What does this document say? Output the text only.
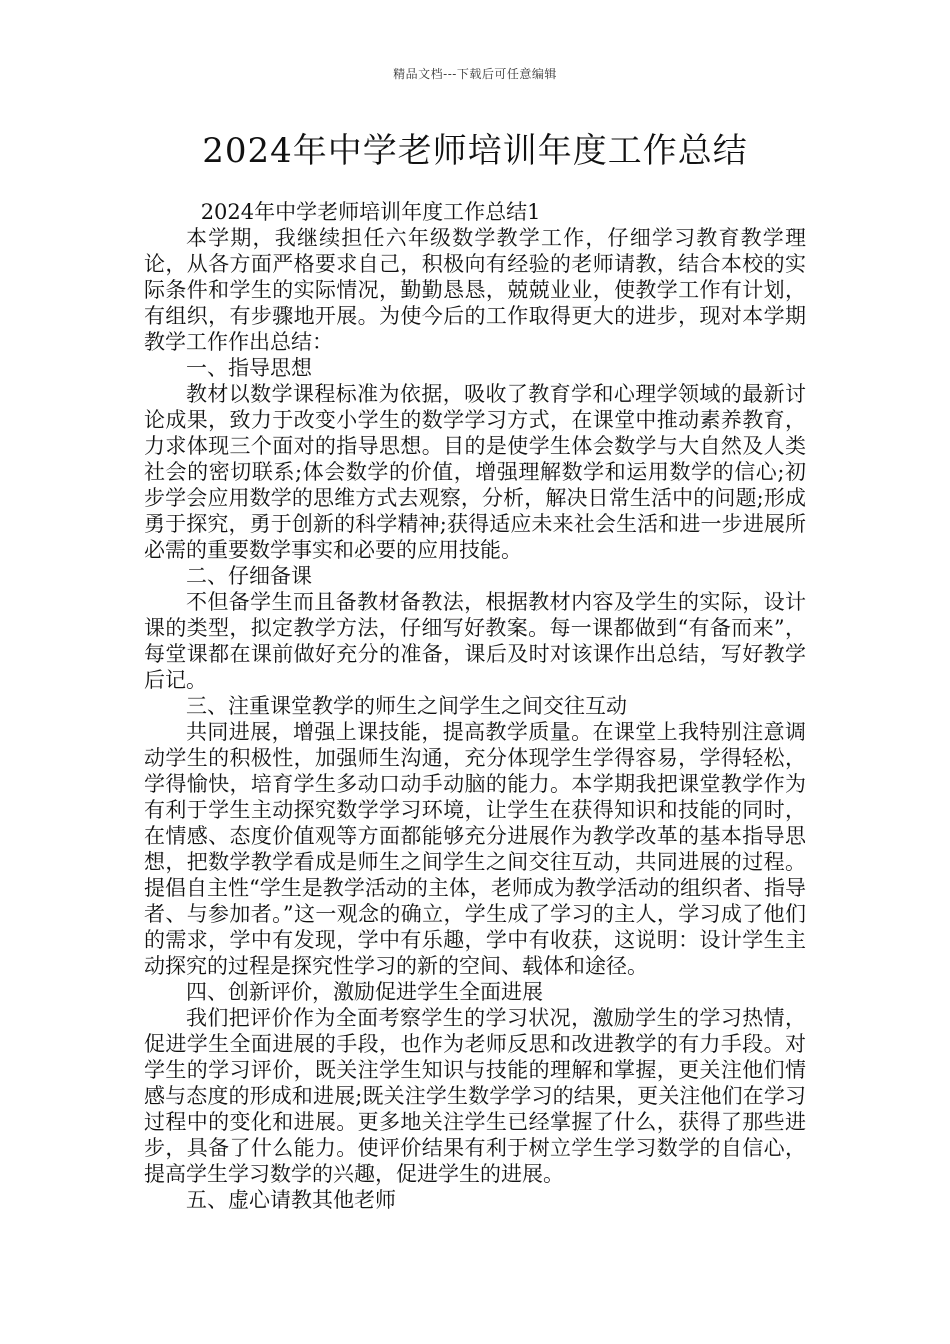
精品文档---下载后可任意编辑
2024年中学老师培训年度工作总结

2024年中学老师培训年度工作总结1

本学期，我继续担任六年级数学教学工作，仔细学习教育教学理论，从各方面严格要求自己，积极向有经验的老师请教，结合本校的实际条件和学生的实际情况，勤勤恳恳，兢兢业业，使教学工作有计划，有组织，有步骤地开展。为使今后的工作取得更大的进步，现对本学期教学工作作出总结：

一、指导思想

教材以数学课程标准为依据，吸收了教育学和心理学领域的最新讨论成果，致力于改变小学生的数学学习方式，在课堂中推动素养教育，力求体现三个面对的指导思想。目的是使学生体会数学与大自然及人类社会的密切联系;体会数学的价值，增强理解数学和运用数学的信心;初步学会应用数学的思维方式去观察，分析，解决日常生活中的问题;形成勇于探究，勇于创新的科学精神;获得适应未来社会生活和进一步进展所必需的重要数学事实和必要的应用技能。

二、仔细备课

不但备学生而且备教材备教法，根据教材内容及学生的实际，设计课的类型，拟定教学方法，仔细写好教案。每一课都做到“有备而来”，每堂课都在课前做好充分的准备，课后及时对该课作出总结，写好教学后记。

三、注重课堂教学的师生之间学生之间交往互动

共同进展，增强上课技能，提高教学质量。在课堂上我特别注意调动学生的积极性，加强师生沟通，充分体现学生学得容易，学得轻松，学得愉快，培育学生多动口动手动脑的能力。本学期我把课堂教学作为有利于学生主动探究数学学习环境，让学生在获得知识和技能的同时，在情感、态度价值观等方面都能够充分进展作为教学改革的基本指导思想，把数学教学看成是师生之间学生之间交往互动，共同进展的过程。提倡自主性“学生是教学活动的主体，老师成为教学活动的组织者、指导者、与参加者。”这一观念的确立，学生成了学习的主人，学习成了他们的需求，学中有发现，学中有乐趣，学中有收获，这说明：设计学生主动探究的过程是探究性学习的新的空间、载体和途径。

四、创新评价，激励促进学生全面进展

我们把评价作为全面考察学生的学习状况，激励学生的学习热情，促进学生全面进展的手段，也作为老师反思和改进教学的有力手段。对学生的学习评价，既关注学生知识与技能的理解和掌握，更关注他们情感与态度的形成和进展;既关注学生数学学习的结果，更关注他们在学习过程中的变化和进展。更多地关注学生已经掌握了什么，获得了那些进步，具备了什么能力。使评价结果有利于树立学生学习数学的自信心，提高学生学习数学的兴趣，促进学生的进展。

五、虚心请教其他老师
